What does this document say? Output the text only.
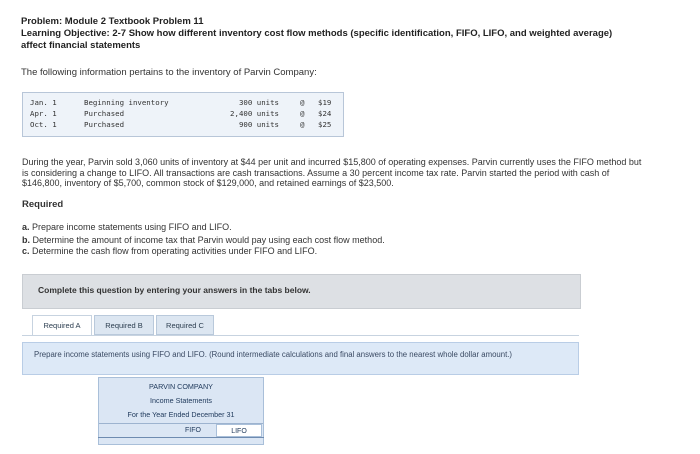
Problem: Module 2 Textbook Problem 11
Learning Objective: 2-7 Show how different inventory cost flow methods (specific identification, FIFO, LIFO, and weighted average) affect financial statements
The following information pertains to the inventory of Parvin Company:
Jan. 1	Beginning inventory	300 units	@ $19
Apr. 1	Purchased	2,400 units	@ $24
Oct. 1	Purchased	900 units	@ $25
During the year, Parvin sold 3,060 units of inventory at $44 per unit and incurred $15,800 of operating expenses. Parvin currently uses the FIFO method but is considering a change to LIFO. All transactions are cash transactions. Assume a 30 percent income tax rate. Parvin started the period with cash of $146,800, inventory of $5,700, common stock of $129,000, and retained earnings of $23,500.
Required
a. Prepare income statements using FIFO and LIFO.
b. Determine the amount of income tax that Parvin would pay using each cost flow method.
c. Determine the cash flow from operating activities under FIFO and LIFO.
Complete this question by entering your answers in the tabs below.
Required A	Required B	Required C
Prepare income statements using FIFO and LIFO. (Round intermediate calculations and final answers to the nearest whole dollar amount.)
PARVIN COMPANY
Income Statements
For the Year Ended December 31
FIFO	LIFO
